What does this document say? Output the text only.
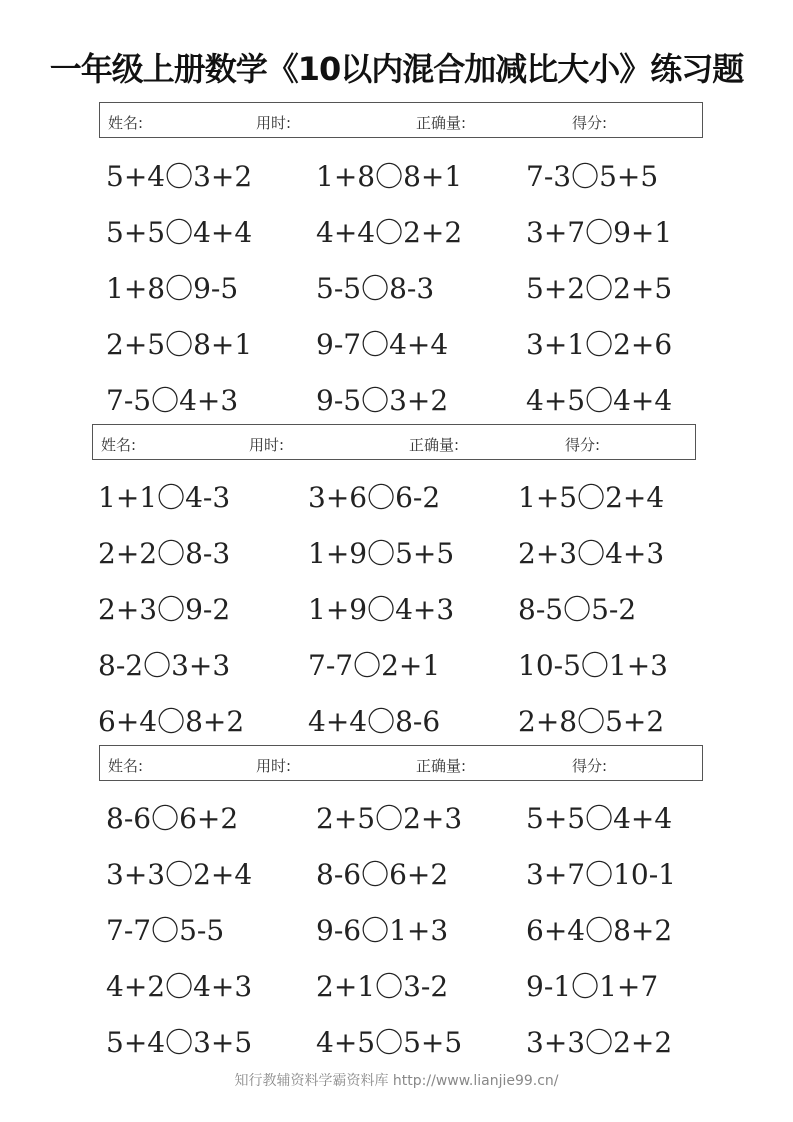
一年级上册数学《10以内混合加减比大小》练习题
姓名:	用时:	正确量:	得分:
5+4〇3+2 1+8〇8+1 7-3〇5+5
5+5〇4+4 4+4〇2+2 3+7〇9+1
1+8〇9-5	5-5〇8-3	5+2〇2+5
2+5〇8+1 9-7〇4+4	3+1〇2+6
7-5〇4+3	9-5〇3+2	4+5〇4+4
姓名:	用时:	正确量:	得分:
1+1〇4-3	3+6〇6-2	1+5〇2+4
2+2〇8-3	1+9〇5+5 2+3〇4+3
2+3〇9-2	1+9〇4+3 8-5〇5-2
8-2〇3+3	7-7〇2+1	10-5〇1+3
6+4〇8+2 4+4〇8-6	2+8〇5+2
姓名:	用时:	正确量:	得分:
8-6〇6+2	2+5〇2+3 5+5〇4+4
3+3〇2+4 8-6〇6+2	3+7〇10-1
7-7〇5-5	9-6〇1+3	6+4〇8+2
4+2〇4+3 2+1〇3-2	9-1〇1+7
5+4〇3+5 4+5〇5+5 3+3〇2+2
知行教辅资料学霸资料库 http://www.lianjie99.cn/
